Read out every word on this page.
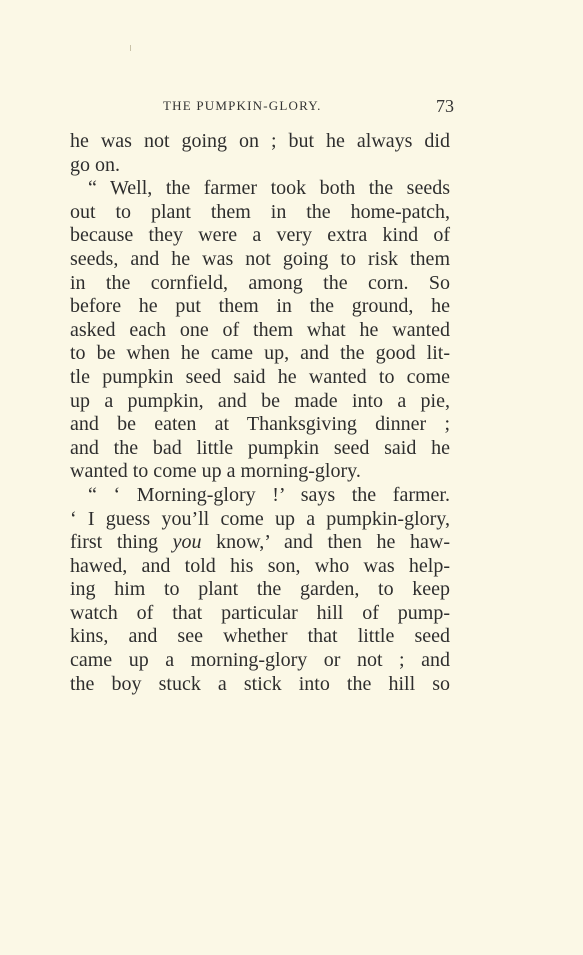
THE PUMPKIN-GLORY.	73
he was not going on ; but he always did
go on.
“ Well, the farmer took both the seeds
out to plant them in the home-patch,
because they were a very extra kind of
seeds, and he was not going to risk them
in the cornfield, among the corn. So
before he put them in the ground, he
asked each one of them what he wanted
to be when he came up, and the good lit-
tle pumpkin seed said he wanted to come
up a pumpkin, and be made into a pie,
and be eaten at Thanksgiving dinner ;
and the bad little pumpkin seed said he
wanted to come up a morning-glory.
“ ‘ Morning-glory !’ says the farmer.
‘ I guess you’ll come up a pumpkin-glory,
first thing you know,’ and then he haw-
hawed, and told his son, who was help-
ing him to plant the garden, to keep
watch of that particular hill of pump-
kins, and see whether that little seed
came up a morning-glory or not ; and
the boy stuck a stick into the hill so
